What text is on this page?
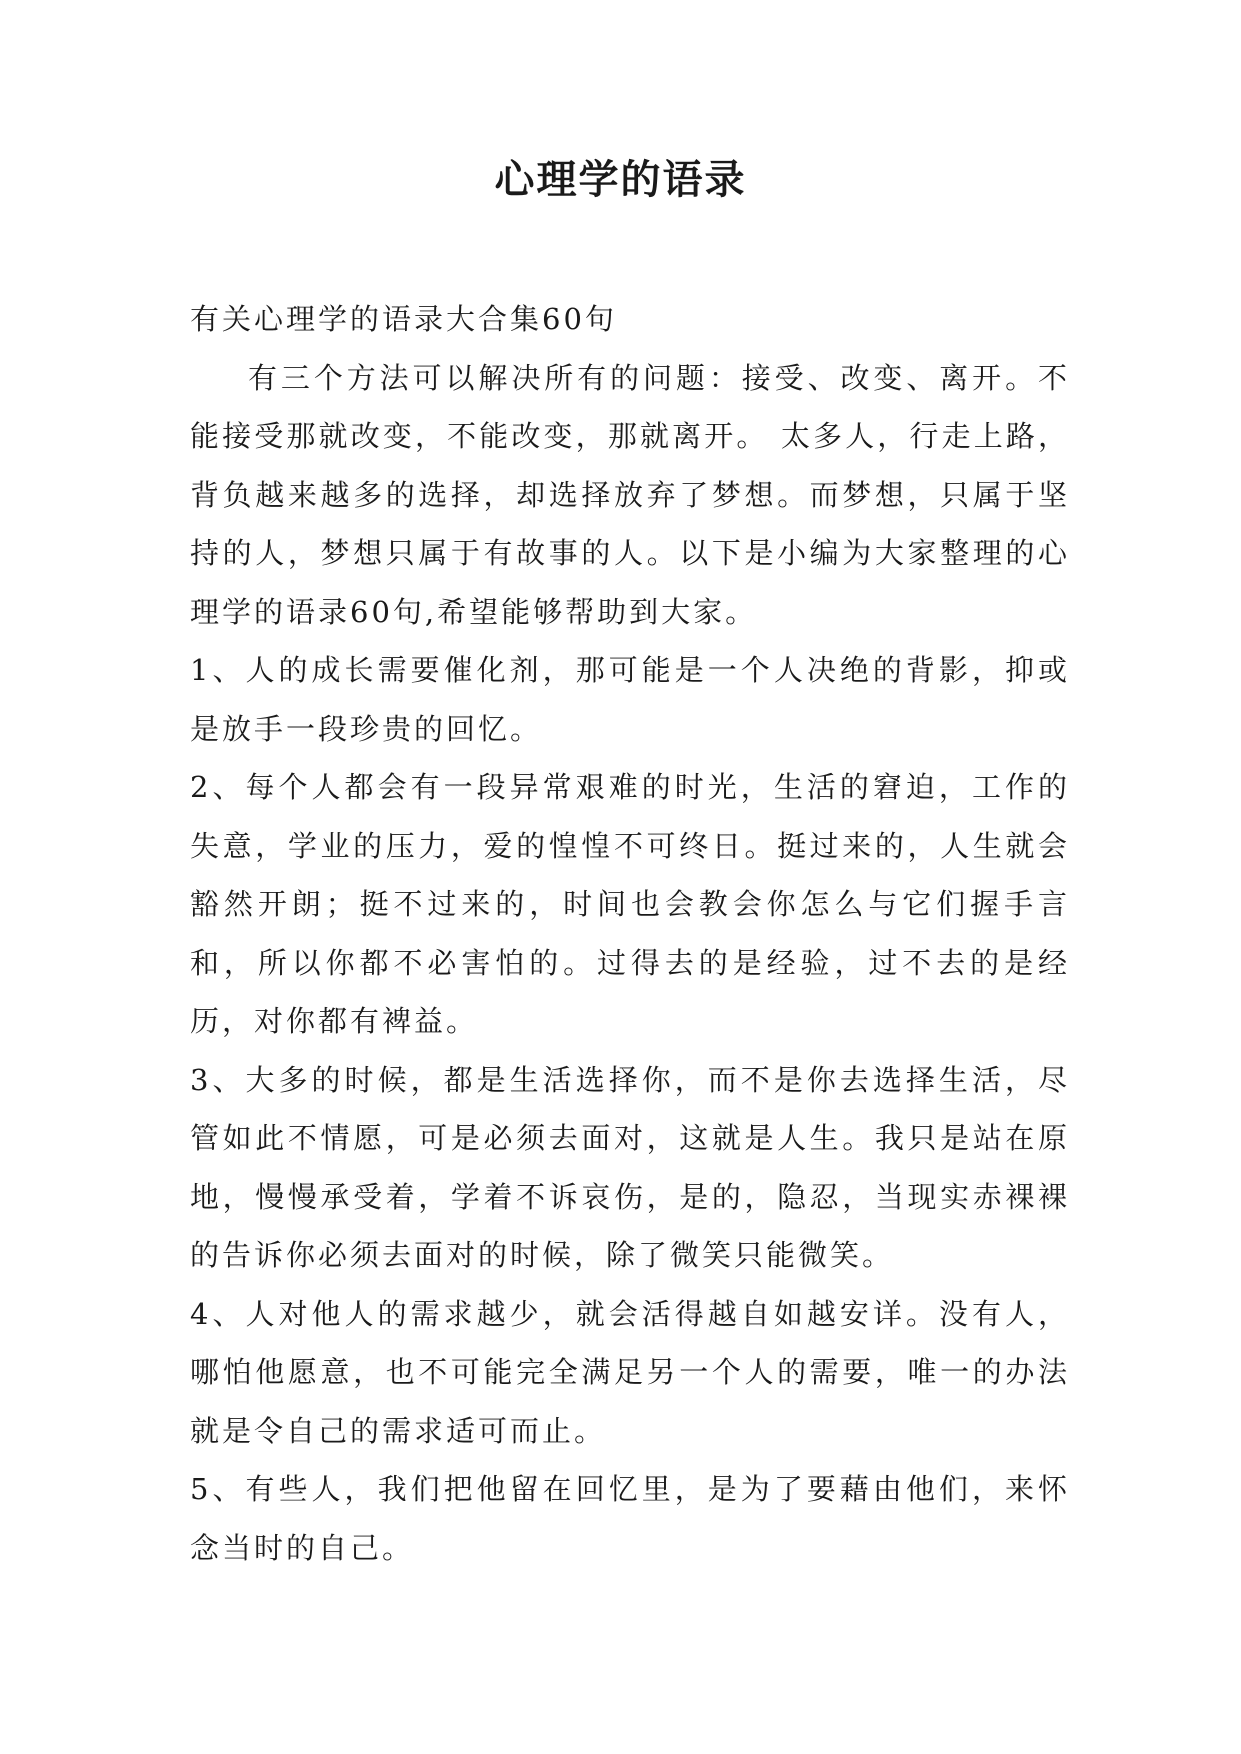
心理学的语录

有关心理学的语录大合集60句

有三个方法可以解决所有的问题：接受、改变、离开。不能接受那就改变，不能改变，那就离开。 太多人，行走上路，背负越来越多的选择，却选择放弃了梦想。而梦想，只属于坚持的人，梦想只属于有故事的人。以下是小编为大家整理的心理学的语录60句,希望能够帮助到大家。

1、人的成长需要催化剂，那可能是一个人决绝的背影，抑或是放手一段珍贵的回忆。

2、每个人都会有一段异常艰难的时光，生活的窘迫，工作的失意，学业的压力，爱的惶惶不可终日。挺过来的，人生就会豁然开朗；挺不过来的，时间也会教会你怎么与它们握手言和，所以你都不必害怕的。过得去的是经验，过不去的是经历，对你都有裨益。

3、大多的时候，都是生活选择你，而不是你去选择生活，尽管如此不情愿，可是必须去面对，这就是人生。我只是站在原地，慢慢承受着，学着不诉哀伤，是的，隐忍，当现实赤裸裸的告诉你必须去面对的时候，除了微笑只能微笑。

4、人对他人的需求越少，就会活得越自如越安详。没有人，哪怕他愿意，也不可能完全满足另一个人的需要，唯一的办法就是令自己的需求适可而止。

5、有些人，我们把他留在回忆里，是为了要藉由他们，来怀念当时的自己。
